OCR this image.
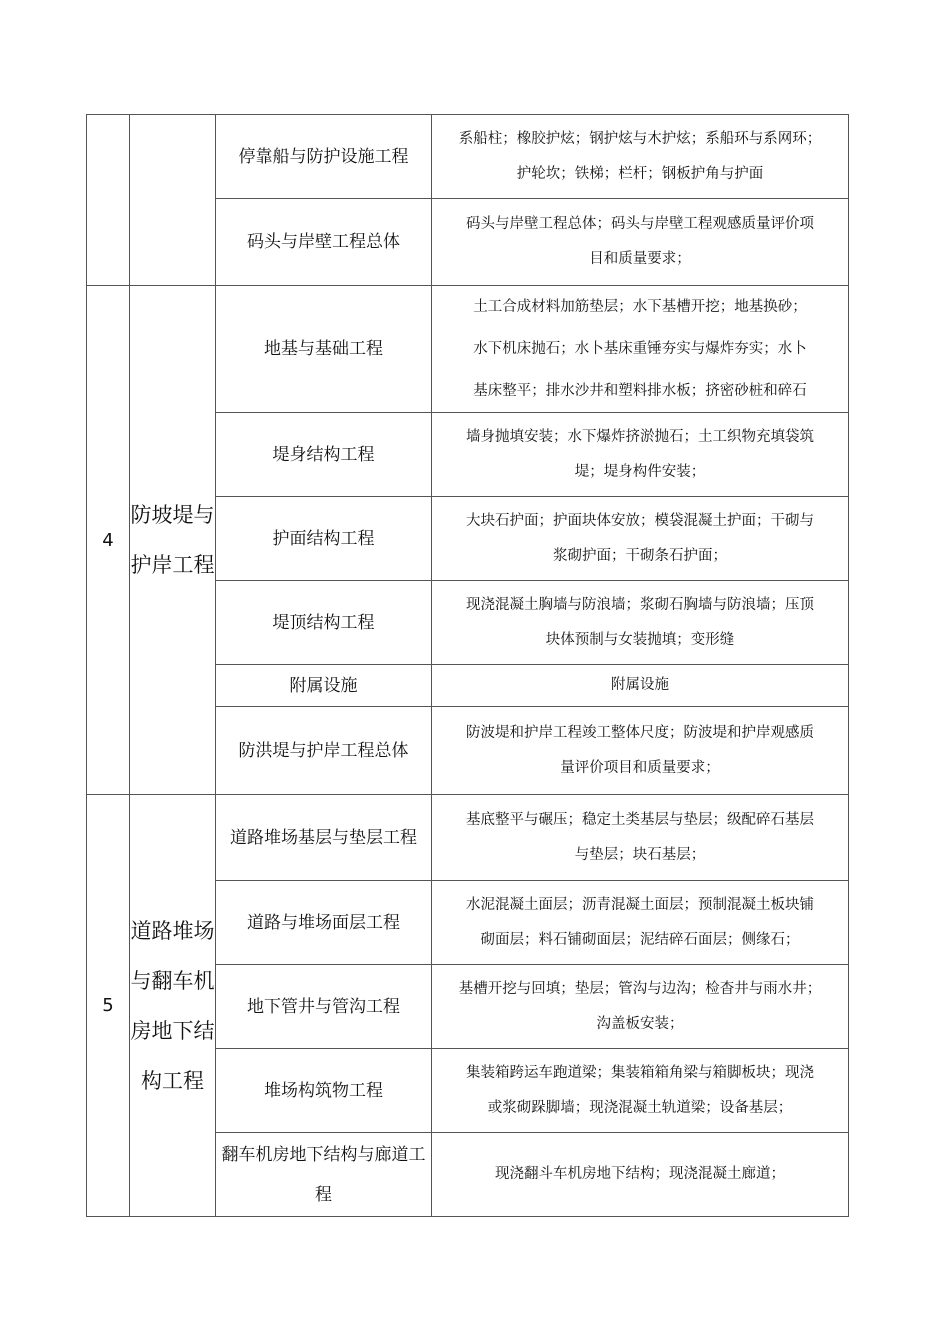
		停靠船与防护设施工程	系船柱；橡胶护炫；钢护炫与木护炫；系船环与系网环；
护轮坎；铁梯；栏杆；钢板护角与护面

		码头与岸壁工程总体	码头与岸壁工程总体；码头与岸壁工程观感质量评价项
目和质量要求；

4	防坡堤与护岸工程	地基与基础工程	土工合成材料加筋垫层；水下基槽开挖；地基换砂；
水下机床抛石；水卜基床重锤夯实与爆炸夯实；水卜
基床整平；排水沙井和塑料排水板；挤密砂桩和碎石

		堤身结构工程	墙身抛填安装；水下爆炸挤淤抛石；土工织物充填袋筑
堤；堤身构件安装；

		护面结构工程	大块石护面；护面块体安放；模袋混凝土护面；干砌与
浆砌护面；干砌条石护面；

		堤顶结构工程	现浇混凝土胸墙与防浪墙；浆砌石胸墙与防浪墙；压顶
块体预制与女装抛填；变形缝

		附属设施	附属设施
		防洪堤与护岸工程总体	防波堤和护岸工程竣工整体尺度；防波堤和护岸观感质
量评价项目和质量要求；

5	道路堆场与翻车机房地下结构工程	道路堆场基层与垫层工程	基底整平与碾压；稳定土类基层与垫层；级配碎石基层
与垫层；块石基层；

		道路与堆场面层工程	水泥混凝土面层；沥青混凝土面层；预制混凝土板块铺
砌面层；料石铺砌面层；泥结碎石面层；侧缘石；

		地下管井与管沟工程	基槽开挖与回填；垫层；管沟与边沟；检杳井与雨水井；
沟盖板安装；

		堆场构筑物工程	集装箱跨运车跑道梁；集装箱箱角梁与箱脚板块；现浇
或浆砌跺脚墙；现浇混凝土轨道梁；设备基层；

		翻车机房地下结构与廊道工程	现浇翻斗车机房地下结构；现浇混凝土廊道；
